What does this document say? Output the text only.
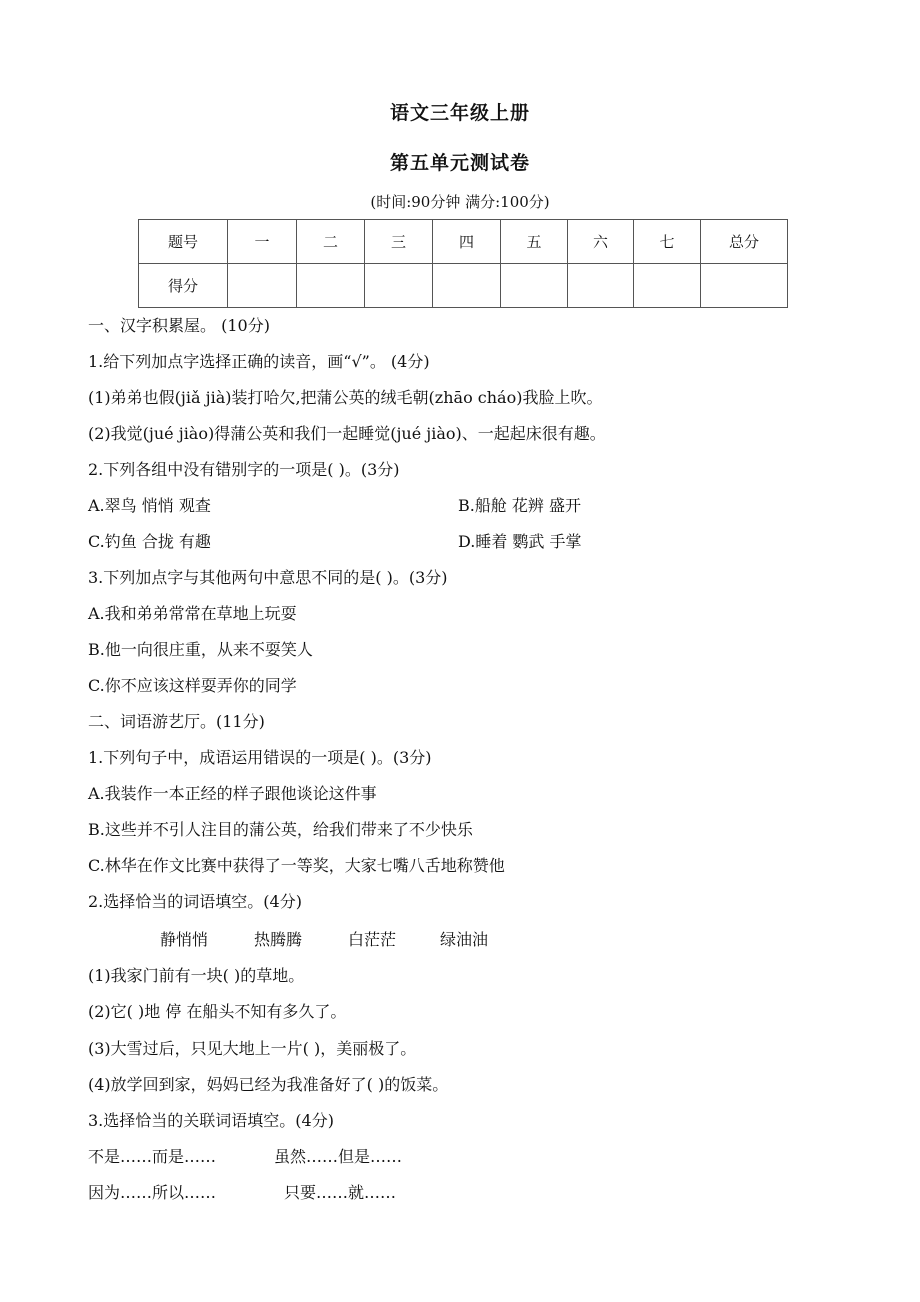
语文三年级上册
第五单元测试卷
(时间:90分钟 满分:100分)
题号	一	二	三	四	五	六	七	总分
得分								
一、汉字积累屋。 (10分)
1.给下列加点字选择正确的读音，画“√”。 (4分)
(1)弟弟也假(jiǎ jià)装打哈欠,把蒲公英的绒毛朝(zhāo cháo)我脸上吹。
(2)我觉(jué jiào)得蒲公英和我们一起睡觉(jué jiào)、一起起床很有趣。
2.下列各组中没有错别字的一项是( )。(3分)
A.翠鸟 悄悄 观查	B.船舱 花辨 盛开
C.钓鱼 合拢 有趣	D.睡着 鹦武 手掌
3.下列加点字与其他两句中意思不同的是( )。(3分)
A.我和弟弟常常在草地上玩耍
B.他一向很庄重，从来不耍笑人
C.你不应该这样耍弄你的同学
二、词语游艺厅。(11分)
1.下列句子中，成语运用错误的一项是( )。(3分)
A.我装作一本正经的样子跟他谈论这件事
B.这些并不引人注目的蒲公英，给我们带来了不少快乐
C.林华在作文比赛中获得了一等奖，大家七嘴八舌地称赞他
2.选择恰当的词语填空。(4分)
静悄悄	热腾腾	白茫茫	绿油油
(1)我家门前有一块( )的草地。
(2)它( )地 停 在船头不知有多久了。
(3)大雪过后，只见大地上一片( )，美丽极了。
(4)放学回到家，妈妈已经为我准备好了( )的饭菜。
3.选择恰当的关联词语填空。(4分)
不是……而是……	虽然……但是……
因为……所以……	只要……就……
